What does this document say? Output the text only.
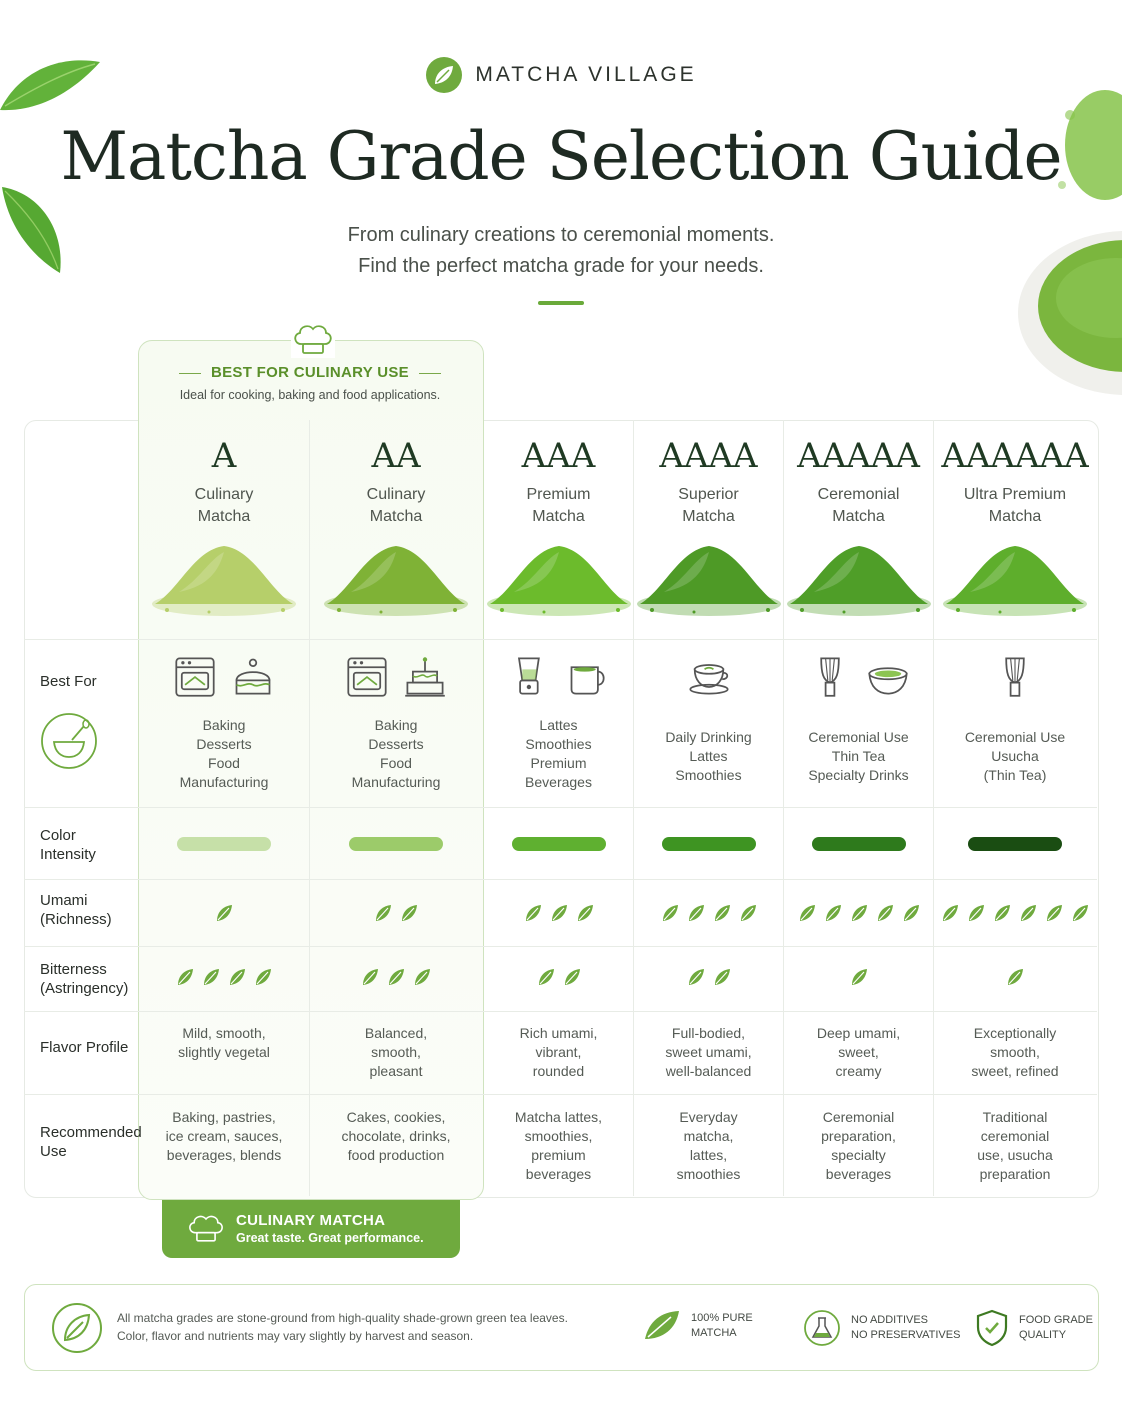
MATCHA VILLAGE
Matcha Grade Selection Guide
From culinary creations to ceremonial moments.
Find the perfect matcha grade for your needs.
BEST FOR CULINARY USE
Ideal for cooking, baking and food applications.
Best For
Color
Intensity
Umami
(Richness)
Bitterness
(Astringency)
Flavor Profile
Recommended
Use
A
Culinary
Matcha
Baking
Desserts
Food
Manufacturing
Mild, smooth,
slightly vegetal
Baking, pastries,
ice cream, sauces,
beverages, blends
AA
Culinary
Matcha
Baking
Desserts
Food
Manufacturing
Balanced,
smooth,
pleasant
Cakes, cookies,
chocolate, drinks,
food production
AAA
Premium
Matcha
Lattes
Smoothies
Premium
Beverages
Rich umami,
vibrant,
rounded
Matcha lattes,
smoothies,
premium
beverages
AAAA
Superior
Matcha
Daily Drinking
Lattes
Smoothies
Full-bodied,
sweet umami,
well-balanced
Everyday
matcha,
lattes,
smoothies
AAAAA
Ceremonial
Matcha
Ceremonial Use
Thin Tea
Specialty Drinks
Deep umami,
sweet,
creamy
Ceremonial
preparation,
specialty
beverages
AAAAAA
Ultra Premium
Matcha
Ceremonial Use
Usucha
(Thin Tea)
Exceptionally
smooth,
sweet, refined
Traditional
ceremonial
use, usucha
preparation
CULINARY MATCHA
Great taste. Great performance.
All matcha grades are stone-ground from high-quality shade-grown green tea leaves.
Color, flavor and nutrients may vary slightly by harvest and season.
100% PURE
MATCHA
NO ADDITIVES
NO PRESERVATIVES
FOOD GRADE
QUALITY
